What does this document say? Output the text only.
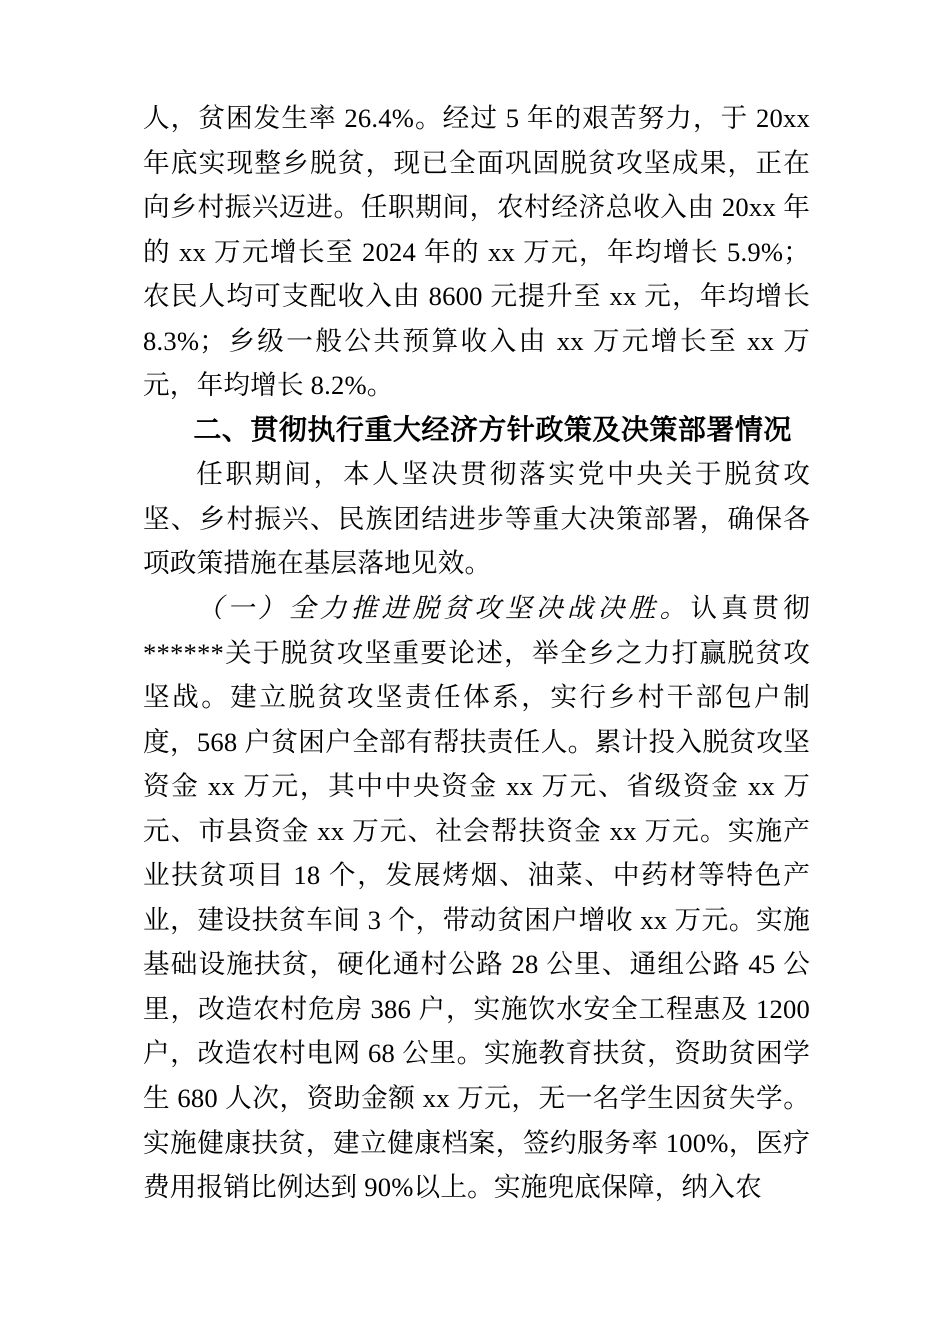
人，贫困发生率 26.4%。经过 5 年的艰苦努力，于 20xx 年底实现整乡脱贫，现已全面巩固脱贫攻坚成果，正在向乡村振兴迈进。任职期间，农村经济总收入由 20xx 年的 xx 万元增长至 2024 年的 xx 万元，年均增长 5.9%；农民人均可支配收入由 8600 元提升至 xx 元，年均增长 8.3%；乡级一般公共预算收入由 xx 万元增长至 xx 万元，年均增长 8.2%。

二、贯彻执行重大经济方针政策及决策部署情况

任职期间，本人坚决贯彻落实党中央关于脱贫攻坚、乡村振兴、民族团结进步等重大决策部署，确保各项政策措施在基层落地见效。

（一）全力推进脱贫攻坚决战决胜。认真贯彻******关于脱贫攻坚重要论述，举全乡之力打赢脱贫攻坚战。建立脱贫攻坚责任体系，实行乡村干部包户制度，568 户贫困户全部有帮扶责任人。累计投入脱贫攻坚资金 xx 万元，其中中央资金 xx 万元、省级资金 xx 万元、市县资金 xx 万元、社会帮扶资金 xx 万元。实施产业扶贫项目 18 个，发展烤烟、油菜、中药材等特色产业，建设扶贫车间 3 个，带动贫困户增收 xx 万元。实施基础设施扶贫，硬化通村公路 28 公里、通组公路 45 公里，改造农村危房 386 户，实施饮水安全工程惠及 1200 户，改造农村电网 68 公里。实施教育扶贫，资助贫困学生 680 人次，资助金额 xx 万元，无一名学生因贫失学。实施健康扶贫，建立健康档案，签约服务率 100%，医疗费用报销比例达到 90%以上。实施兜底保障，纳入农
